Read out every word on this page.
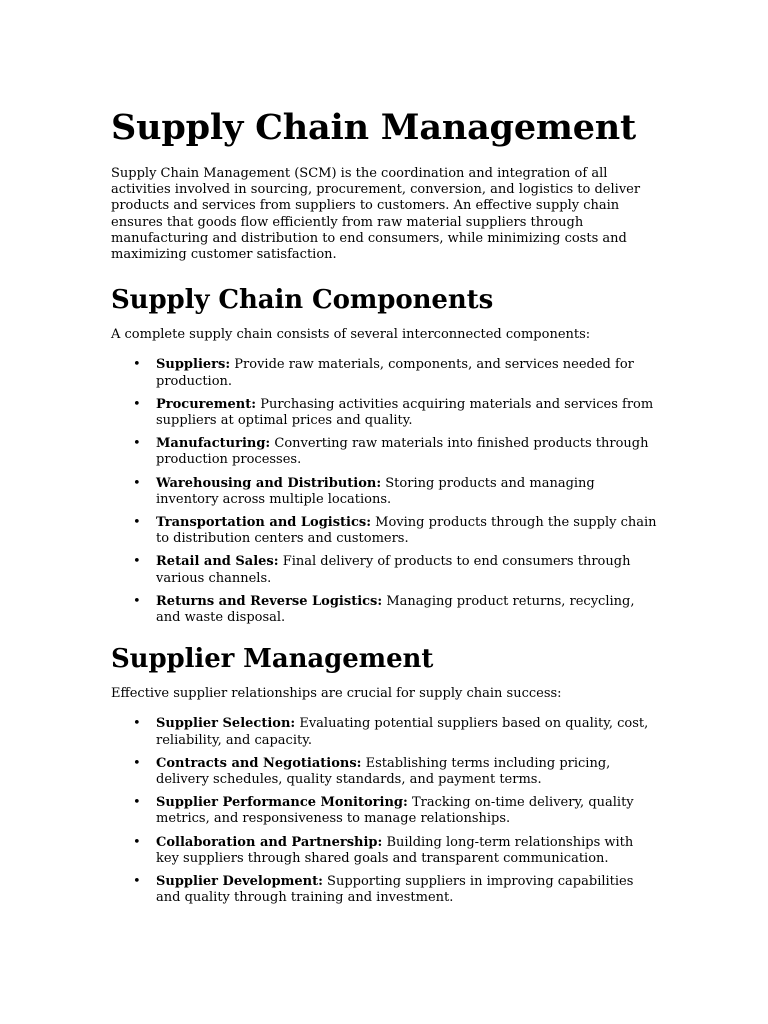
Supply Chain Management

Supply Chain Management (SCM) is the coordination and integration of all activities involved in sourcing, procurement, conversion, and logistics to deliver products and services from suppliers to customers. An effective supply chain ensures that goods flow efficiently from raw material suppliers through manufacturing and distribution to end consumers, while minimizing costs and maximizing customer satisfaction.

Supply Chain Components

A complete supply chain consists of several interconnected components:

• Suppliers: Provide raw materials, components, and services needed for production.
• Procurement: Purchasing activities acquiring materials and services from suppliers at optimal prices and quality.
• Manufacturing: Converting raw materials into finished products through production processes.
• Warehousing and Distribution: Storing products and managing inventory across multiple locations.
• Transportation and Logistics: Moving products through the supply chain to distribution centers and customers.
• Retail and Sales: Final delivery of products to end consumers through various channels.
• Returns and Reverse Logistics: Managing product returns, recycling, and waste disposal.
Supplier Management

Effective supplier relationships are crucial for supply chain success:

• Supplier Selection: Evaluating potential suppliers based on quality, cost, reliability, and capacity.
• Contracts and Negotiations: Establishing terms including pricing, delivery schedules, quality standards, and payment terms.
• Supplier Performance Monitoring: Tracking on-time delivery, quality metrics, and responsiveness to manage relationships.
• Collaboration and Partnership: Building long-term relationships with key suppliers through shared goals and transparent communication.
• Supplier Development: Supporting suppliers in improving capabilities and quality through training and investment.
